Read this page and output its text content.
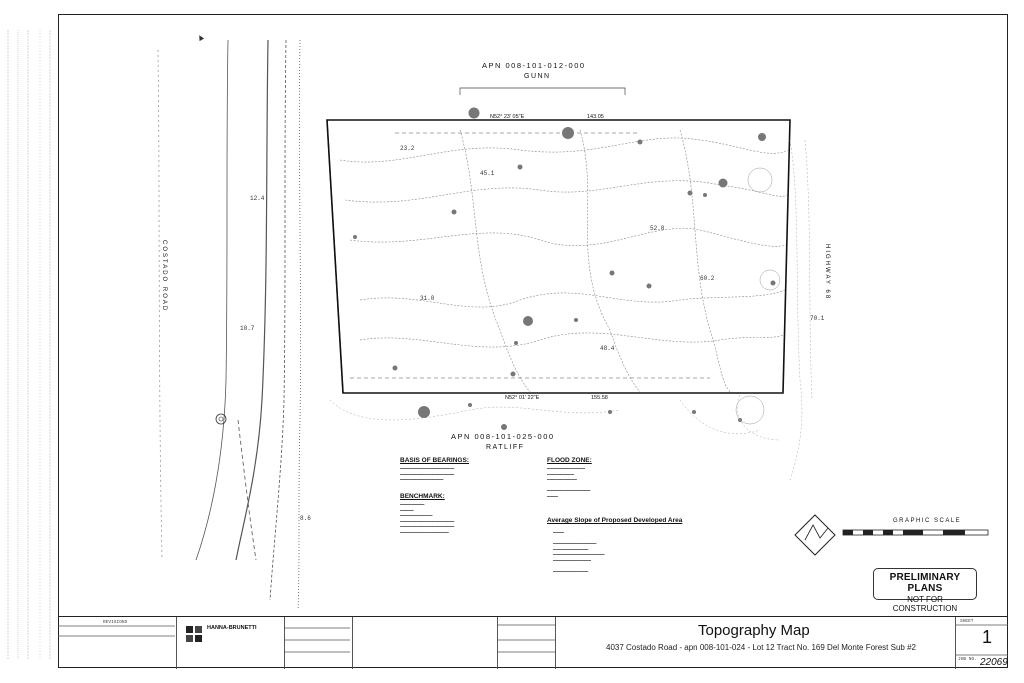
23.2
45.1
52.8
31.0
48.4
60.2
12.4
10.7
8.6
70.1
▲
APN 008-101-012-000
GUNN
APN 008-101-025-000
RATLIFF
COSTADO ROAD	HIGHWAY 68
N52° 23' 05"E	143.05
N52° 01' 22"E	155.58
BASIS OF BEARINGS:
━━━━━━━━━━━━━━━━━━━━
━━━━━━━━━━━━━━━━━━━━
━━━━━━━━━━━━━━━━
BENCHMARK:
━━━━━━━━━
━━━━━
━━━━━━━━━━━━
━━━━━━━━━━━━━━━━━━━━
━━━━━━━━━━━━━━━━━━━━
━━━━━━━━━━━━━━━━━━
FLOOD ZONE:
━━━━━━━━━━━━━━
━━━━━━━━━━
━━━━━━━━━━━

━━━━━━━━━━━━━━━━
━━━━
Average Slope of Proposed Developed Area
━━━━

━━━━━━━━━━━━━━━━
━━━━━━━━━━━━━
━━━━━━━━━━━━━━━━━━━
━━━━━━━━━━━━━━

━━━━━━━━━━━━━
GRAPHIC SCALE
PRELIMINARY PLANS
NOT FOR CONSTRUCTION
REVISIONS
HANNA-BRUNETTI	Topography Map
4037 Costado Road - apn 008-101-024 - Lot 12 Tract No. 169 Del Monte Forest Sub #2
SHEET
1
JOB NO. 22069
